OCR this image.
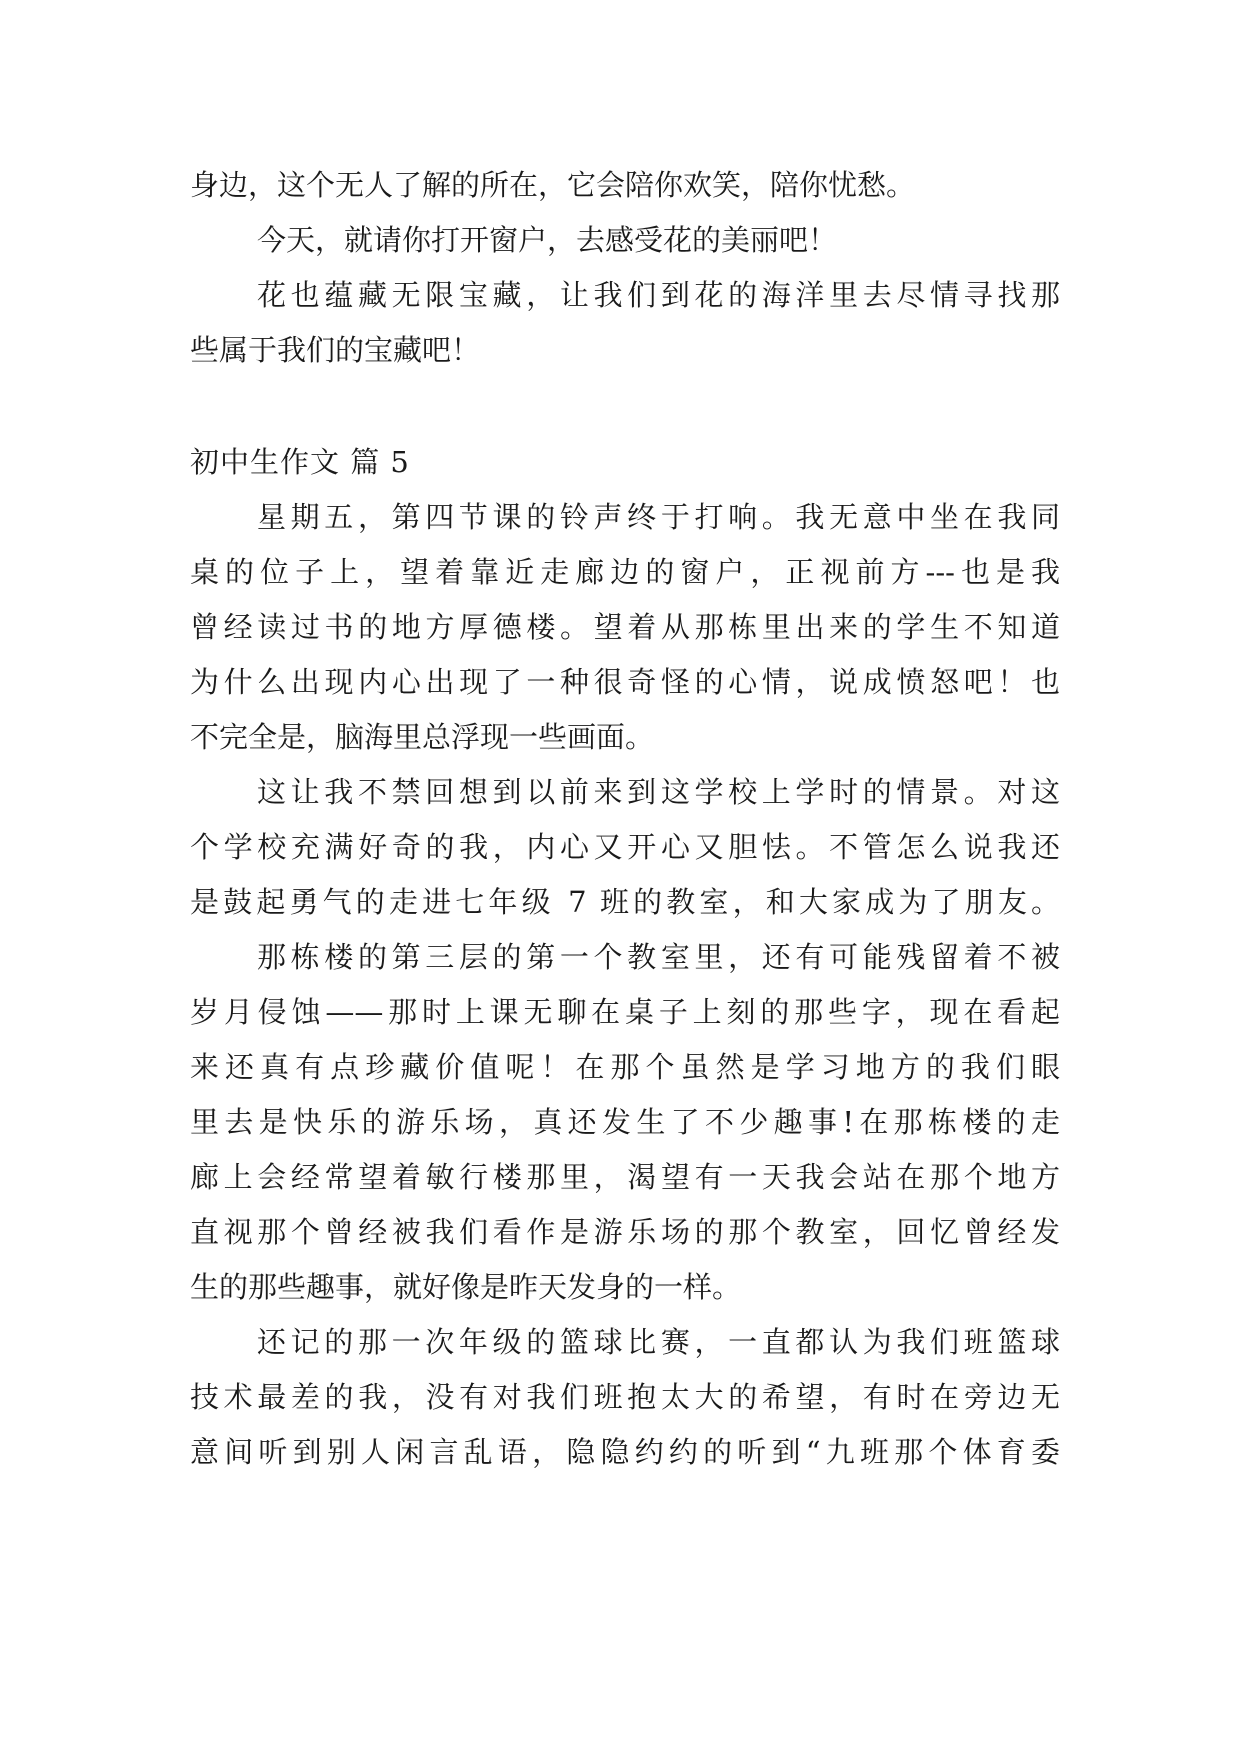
身边，这个无人了解的所在，它会陪你欢笑，陪你忧愁。

今天，就请你打开窗户，去感受花的美丽吧！

花也蕴藏无限宝藏，让我们到花的海洋里去尽情寻找那

些属于我们的宝藏吧！

初中生作文 篇 5

星期五，第四节课的铃声终于打响。我无意中坐在我同

桌的位子上，望着靠近走廊边的窗户，正视前方---也是我

曾经读过书的地方厚德楼。望着从那栋里出来的学生不知道

为什么出现内心出现了一种很奇怪的心情，说成愤怒吧！也

不完全是，脑海里总浮现一些画面。

这让我不禁回想到以前来到这学校上学时的情景。对这

个学校充满好奇的我，内心又开心又胆怯。不管怎么说我还

是鼓起勇气的走进七年级 7 班的教室，和大家成为了朋友。

那栋楼的第三层的第一个教室里，还有可能残留着不被

岁月侵蚀——那时上课无聊在桌子上刻的那些字，现在看起

来还真有点珍藏价值呢！在那个虽然是学习地方的我们眼

里去是快乐的游乐场，真还发生了不少趣事!在那栋楼的走

廊上会经常望着敏行楼那里，渴望有一天我会站在那个地方

直视那个曾经被我们看作是游乐场的那个教室，回忆曾经发

生的那些趣事，就好像是昨天发身的一样。

还记的那一次年级的篮球比赛，一直都认为我们班篮球

技术最差的我，没有对我们班抱太大的希望，有时在旁边无

意间听到别人闲言乱语，隐隐约约的听到“九班那个体育委
